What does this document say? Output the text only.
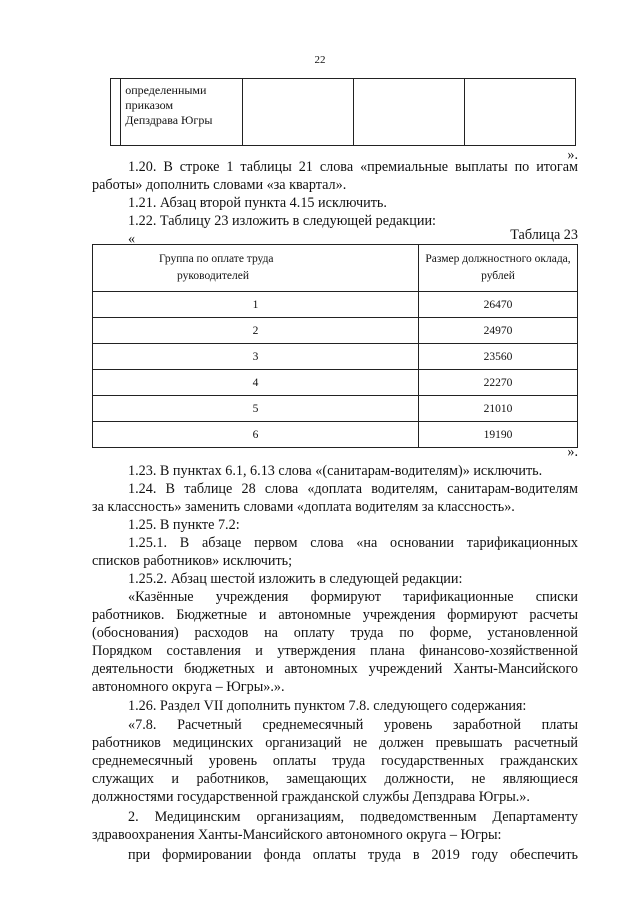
22

определенными
приказом
Депздрава Югры

».
1.20. В строке 1 таблицы 21 слова «премиальные выплаты по итогам
работы» дополнить словами «за квартал».
1.21. Абзац второй пункта 4.15 исключить.
1.22. Таблицу 23 изложить в следующей редакции:
«	Таблица 23
Группа по оплате труда
руководителей	Размер должностного оклада, рублей
1	26470
2	24970
3	23560
4	22270
5	21010
6	19190
».
1.23. В пунктах 6.1, 6.13 слова «(санитарам-водителям)» исключить.
1.24. В таблице 28 слова «доплата водителям, санитарам-водителям
за классность» заменить словами «доплата водителям за классность».
1.25. В пункте 7.2:
1.25.1. В абзаце первом слова «на основании тарификационных
списков работников» исключить;
1.25.2. Абзац шестой изложить в следующей редакции:
«Казённые учреждения формируют тарификационные списки
работников. Бюджетные и автономные учреждения формируют расчеты
(обоснования) расходов на оплату труда по форме, установленной
Порядком составления и утверждения плана финансово-хозяйственной
деятельности бюджетных и автономных учреждений Ханты-Мансийского
автономного округа – Югры».».
1.26. Раздел VII дополнить пунктом 7.8. следующего содержания:
«7.8. Расчетный среднемесячный уровень заработной платы
работников медицинских организаций не должен превышать расчетный
среднемесячный уровень оплаты труда государственных гражданских
служащих и работников, замещающих должности, не являющиеся
должностями государственной гражданской службы Депздрава Югры.».
2. Медицинским организациям, подведомственным Департаменту
здравоохранения Ханты-Мансийского автономного округа – Югры:
при формировании фонда оплаты труда в 2019 году обеспечить
